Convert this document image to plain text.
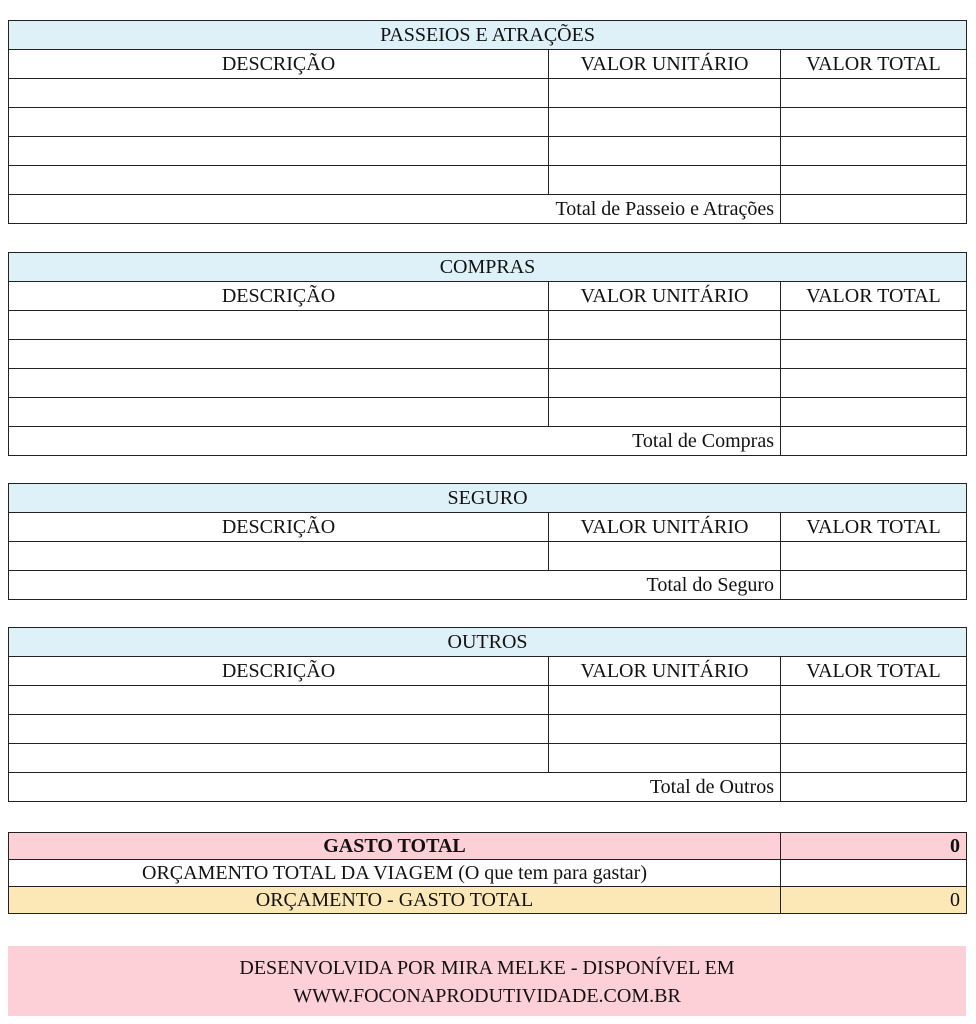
PASSEIOS E ATRAÇÕES		
DESCRIÇÃO	VALOR UNITÁRIO	VALOR TOTAL

Total de Passeio e Atrações		
COMPRAS		
DESCRIÇÃO	VALOR UNITÁRIO	VALOR TOTAL

Total de Compras		
SEGURO		
DESCRIÇÃO	VALOR UNITÁRIO	VALOR TOTAL

Total do Seguro		
OUTROS		
DESCRIÇÃO	VALOR UNITÁRIO	VALOR TOTAL

Total de Outros		
GASTO TOTAL	0
ORÇAMENTO TOTAL DA VIAGEM (O que tem para gastar)	
ORÇAMENTO - GASTO TOTAL	0
DESENVOLVIDA POR MIRA MELKE - DISPONÍVEL EM
WWW.FOCONAPRODUTIVIDADE.COM.BR
